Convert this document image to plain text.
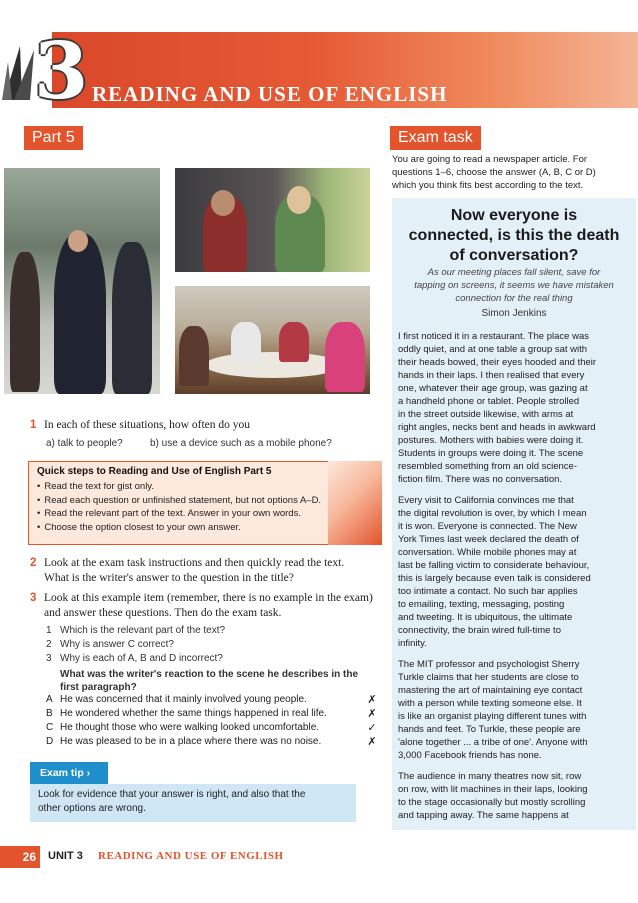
3 READING AND USE OF ENGLISH
Part 5	Exam task
1 In each of these situations, how often do you
a) talk to people?	b) use a device such as a mobile phone?
Quick steps to Reading and Use of English Part 5
• Read the text for gist only.
• Read each question or unfinished statement, but not options A–D.
• Read the relevant part of the text. Answer in your own words.
• Choose the option closest to your own answer.
2 Look at the exam task instructions and then quickly read the text.
What is the writer's answer to the question in the title?
3 Look at this example item (remember, there is no example in the exam)
and answer these questions. Then do the exam task.
1 Which is the relevant part of the text?
2 Why is answer C correct?
3 Why is each of A, B and D incorrect?
What was the writer's reaction to the scene he describes in the
first paragraph?
A He was concerned that it mainly involved young people.	✗
B He wondered whether the same things happened in real life.	✗
C He thought those who were walking looked uncomfortable.	✓
D He was pleased to be in a place where there was no noise.	✗
Exam tip ›
Look for evidence that your answer is right, and also that the
other options are wrong.
26	UNIT 3 READING AND USE OF ENGLISH
You are going to read a newspaper article. For
questions 1–6, choose the answer (A, B, C or D)
which you think fits best according to the text.
Now everyone is
connected, is this the death
of conversation?
As our meeting places fall silent, save for
tapping on screens, it seems we have mistaken
connection for the real thing
Simon Jenkins
I first noticed it in a restaurant. The place was
oddly quiet, and at one table a group sat with
their heads bowed, their eyes hooded and their
hands in their laps. I then realised that every
one, whatever their age group, was gazing at
a handheld phone or tablet. People strolled
in the street outside likewise, with arms at
right angles, necks bent and heads in awkward
postures. Mothers with babies were doing it.
Students in groups were doing it. The scene
resembled something from an old science-
fiction film. There was no conversation.
Every visit to California convinces me that
the digital revolution is over, by which I mean
it is won. Everyone is connected. The New
York Times last week declared the death of
conversation. While mobile phones may at
last be falling victim to considerate behaviour,
this is largely because even talk is considered
too intimate a contact. No such bar applies
to emailing, texting, messaging, posting
and tweeting. It is ubiquitous, the ultimate
connectivity, the brain wired full-time to
infinity.
The MIT professor and psychologist Sherry
Turkle claims that her students are close to
mastering the art of maintaining eye contact
with a person while texting someone else. It
is like an organist playing different tunes with
hands and feet. To Turkle, these people are
'alone together ... a tribe of one'. Anyone with
3,000 Facebook friends has none.
The audience in many theatres now sit, row
on row, with lit machines in their laps, looking
to the stage occasionally but mostly scrolling
and tapping away. The same happens at
